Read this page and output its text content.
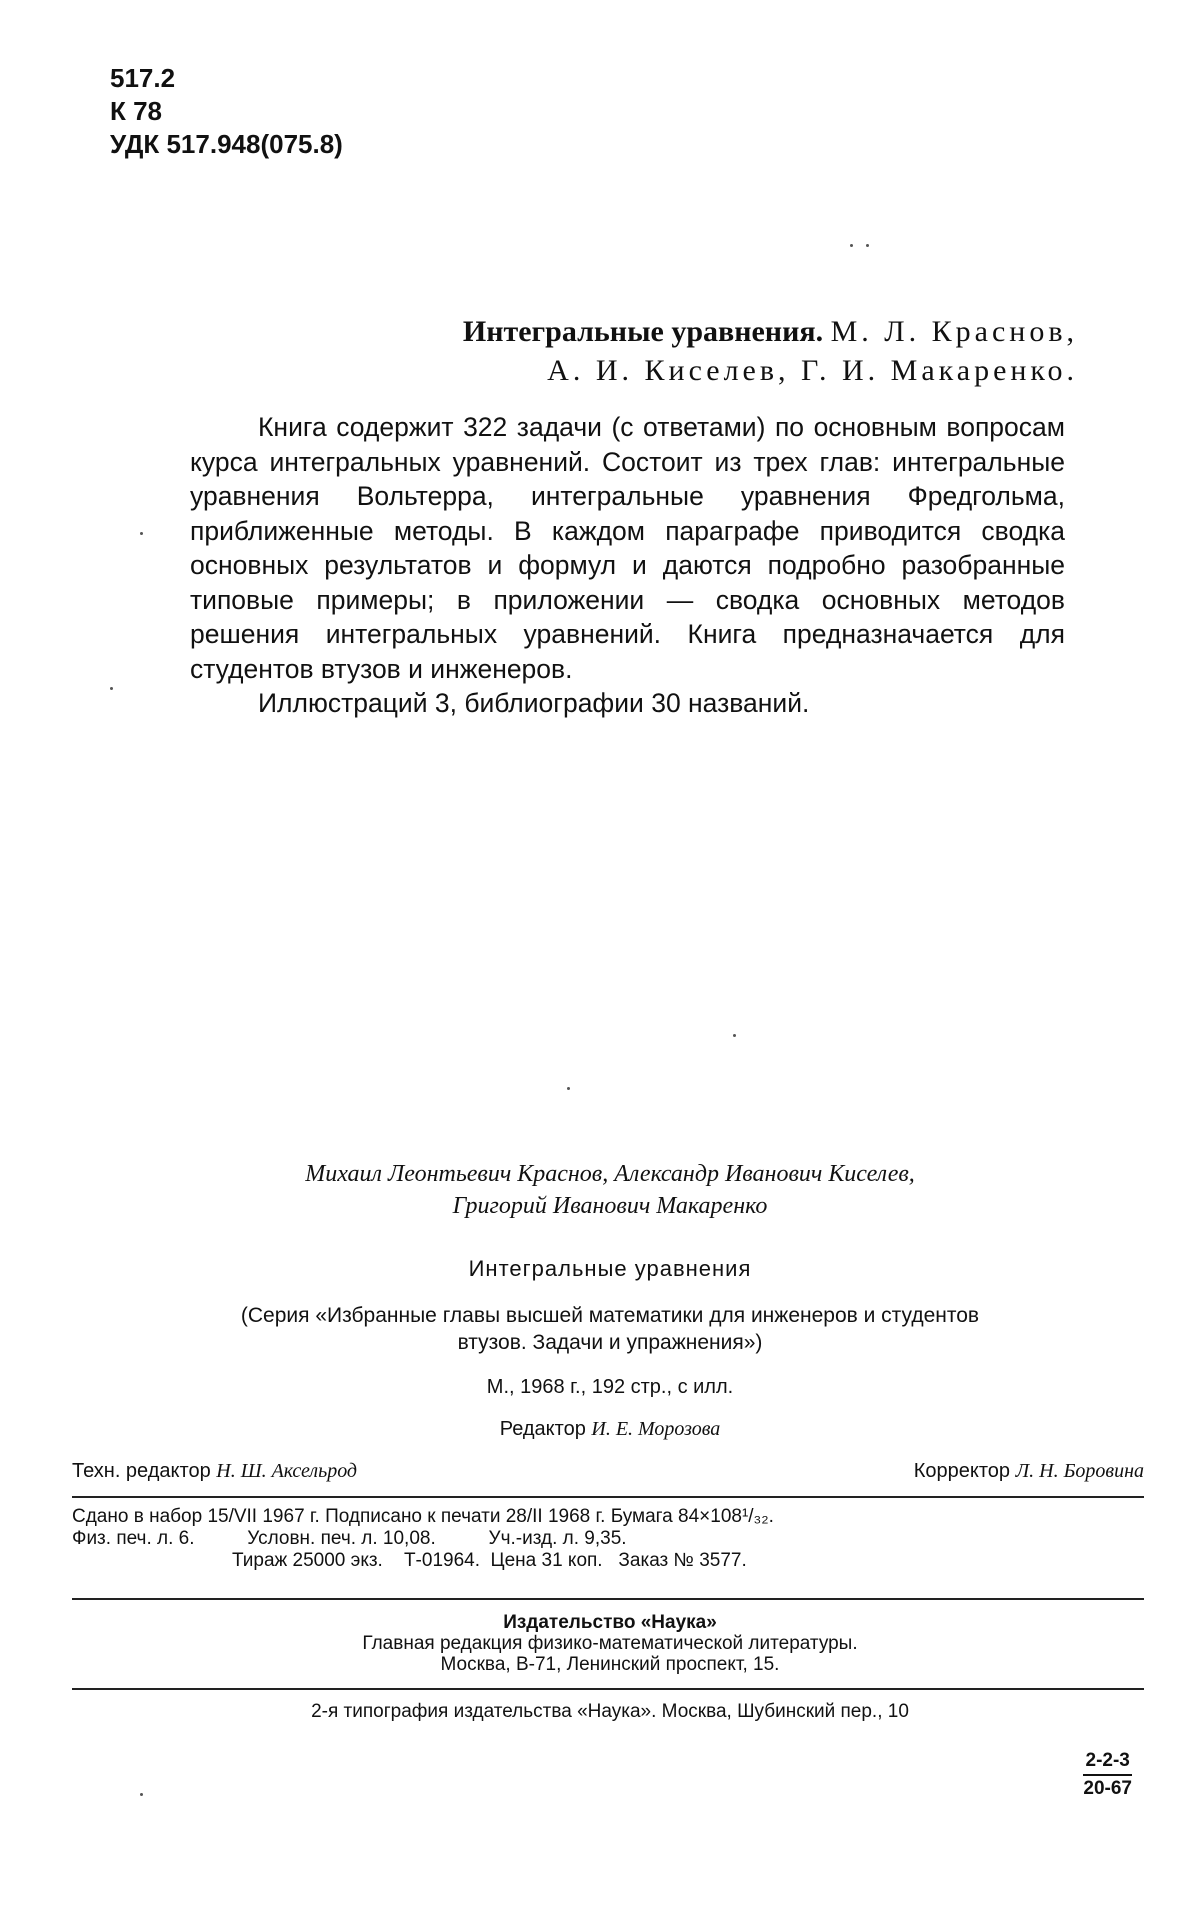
517.2
К 78
УДК 517.948(075.8)
Интегральные уравнения. М. Л. Краснов,
А. И. Киселев, Г. И. Макаренко.

Книга содержит 322 задачи (с ответами) по основным вопросам курса интегральных уравнений. Состоит из трех глав: интегральные уравнения Вольтерра, интегральные уравнения Фредгольма, приближенные методы. В каждом параграфе приводится сводка основных результатов и формул и даются подробно разобранные типовые примеры; в приложении — сводка основных методов решения интегральных уравнений. Книга предназначается для студентов втузов и инженеров.

Иллюстраций 3, библиографии 30 названий.

Михаил Леонтьевич Краснов, Александр Иванович Киселев,
Григорий Иванович Макаренко
Интегральные уравнения
(Серия «Избранные главы высшей математики для инженеров и студентов
втузов. Задачи и упражнения»)
М., 1968 г., 192 стр., с илл.
Редактор И. Е. Морозова
Техн. редактор Н. Ш. Аксельрод	Корректор Л. Н. Боровина
Сдано в набор 15/VII 1967 г. Подписано к печати 28/II 1968 г. Бумага 84×108¹/₃₂.
Физ. печ. л. 6.          Условн. печ. л. 10,08.          Уч.-изд. л. 9,35.
Тираж 25000 экз.    Т-01964.  Цена 31 коп.   Заказ № 3577.
Издательство «Наука»
Главная редакция физико-математической литературы.
Москва, В-71, Ленинский проспект, 15.
2-я типография издательства «Наука». Москва, Шубинский пер., 10
2-2-3
20-67
